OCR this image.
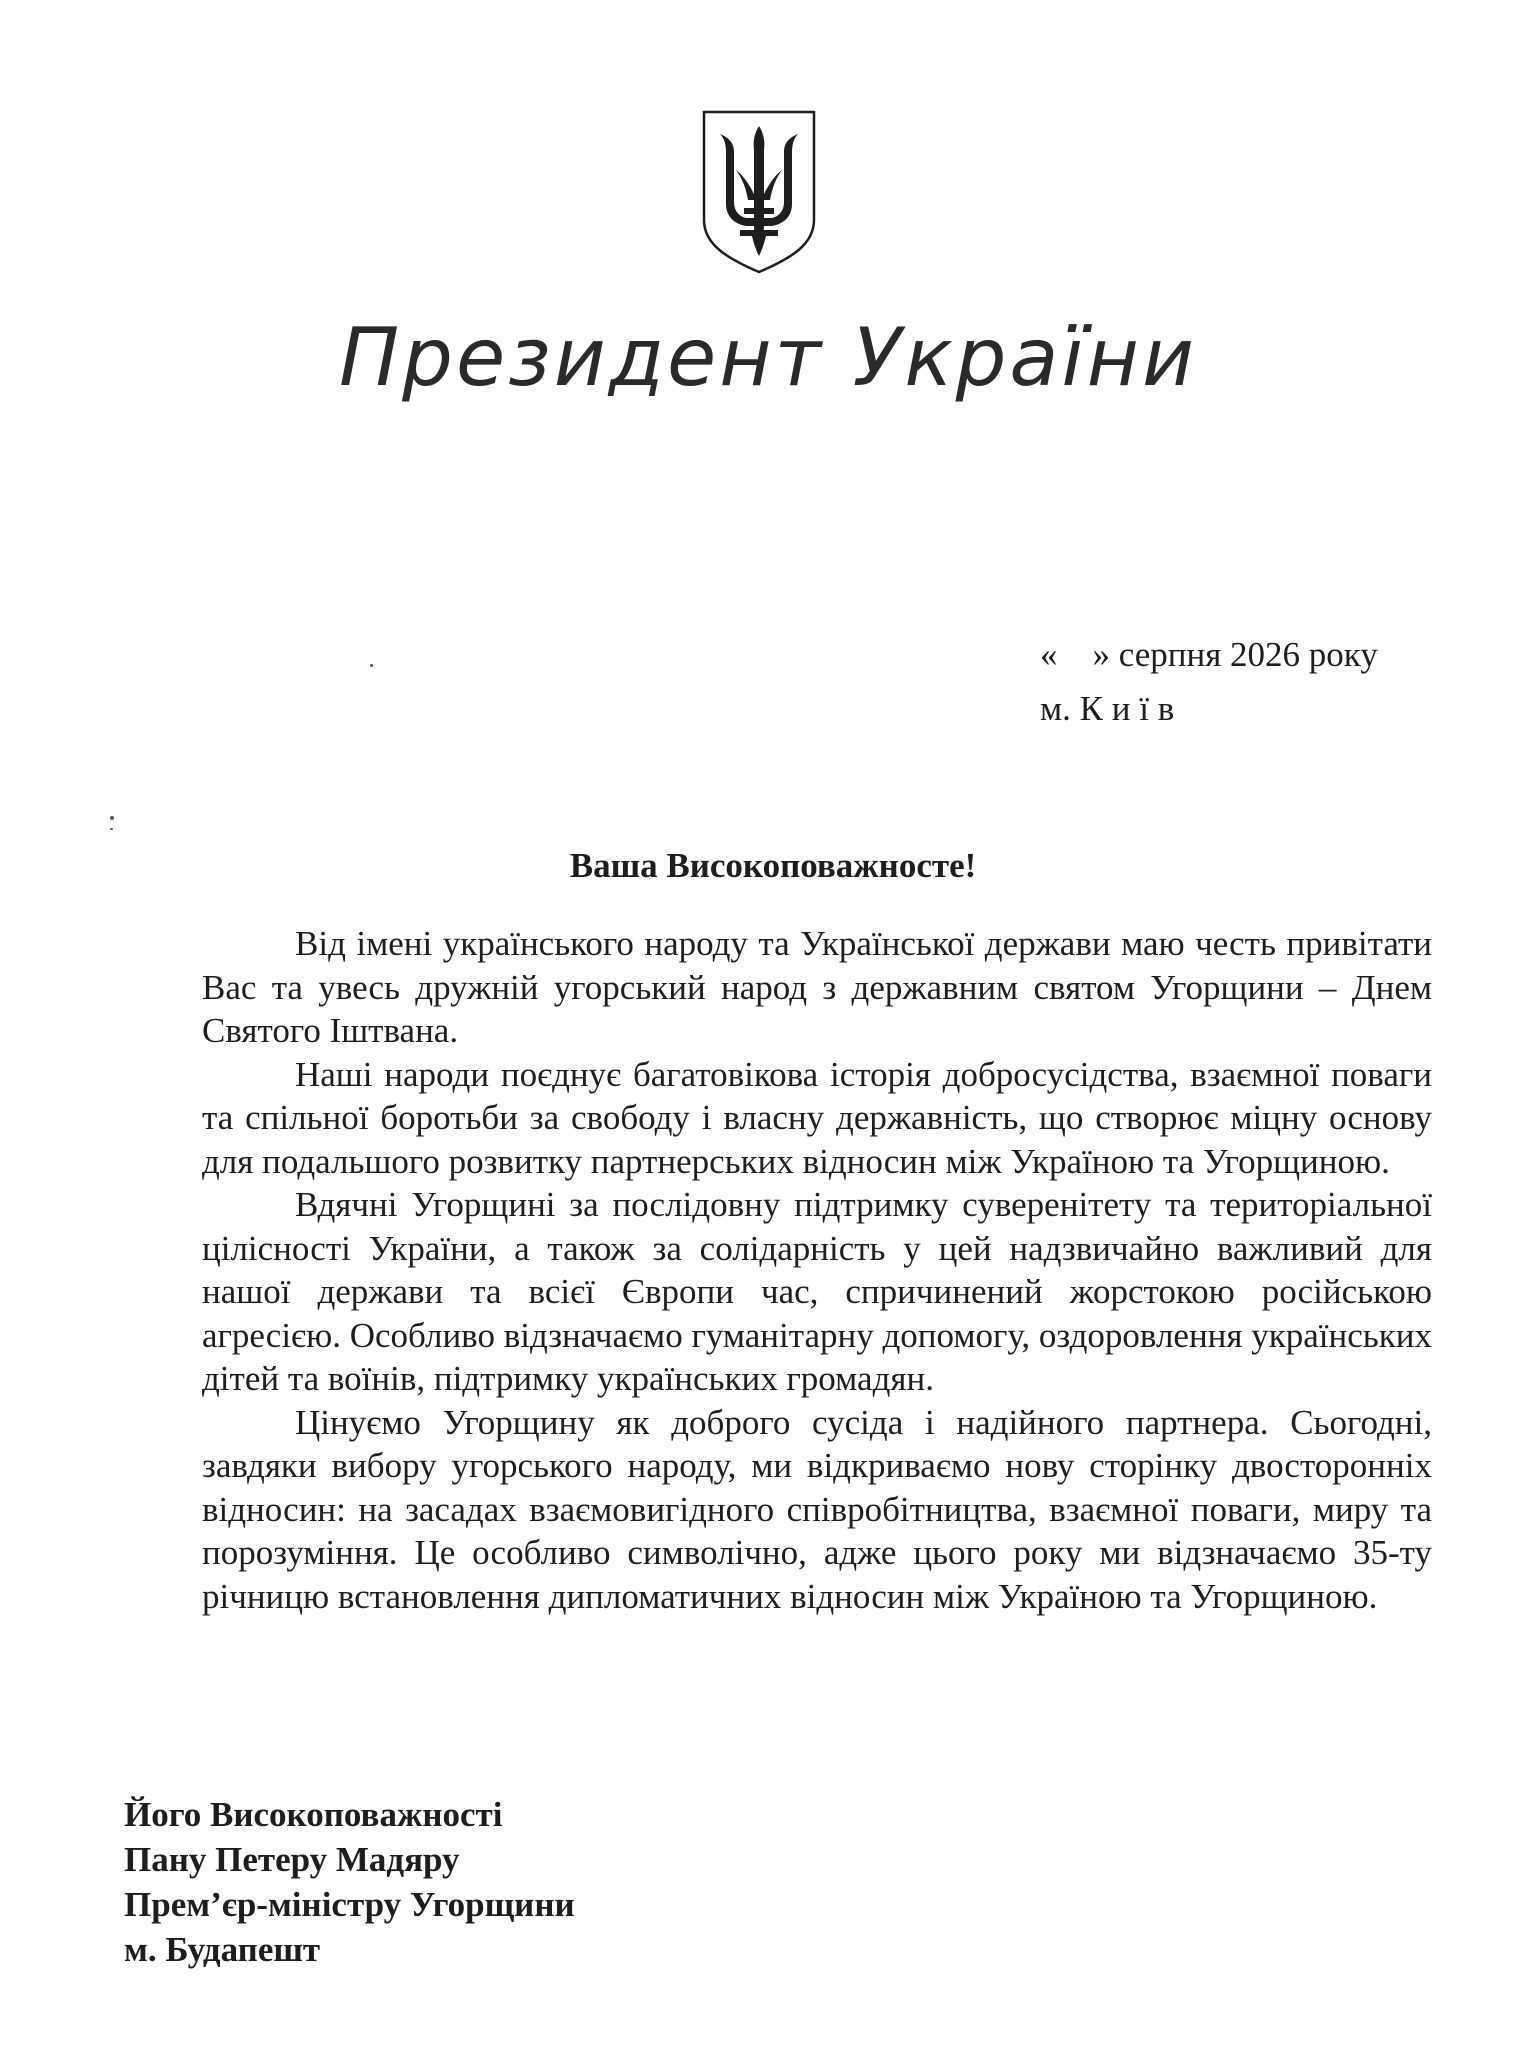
Президент України
«    » серпня 2026 року
м. К и ї в
Ваша Високоповажносте!

Від імені українського народу та Української держави маю честь привітати Вас та увесь дружній угорський народ з державним святом Угорщини – Днем Святого Іштвана.

Наші народи поєднує багатовікова історія добросусідства, взаємної поваги та спільної боротьби за свободу і власну державність, що створює міцну основу для подальшого розвитку партнерських відносин між Україною та Угорщиною.

Вдячні Угорщині за послідовну підтримку суверенітету та територіальної цілісності України, а також за солідарність у цей надзвичайно важливий для нашої держави та всієї Європи час, спричинений жорстокою російською агресією. Особливо відзначаємо гуманітарну допомогу, оздоровлення українських дітей та воїнів, підтримку українських громадян.

Цінуємо Угорщину як доброго сусіда і надійного партнера. Сьогодні, завдяки вибору угорського народу, ми відкриваємо нову сторінку двосторонніх відносин: на засадах взаємовигідного співробітництва, взаємної поваги, миру та порозуміння. Це особливо символічно, адже цього року ми відзначаємо 35-ту річницю встановлення дипломатичних відносин між Україною та Угорщиною.

Його Високоповажності
Пану Петеру Мадяру
Прем’єр-міністру Угорщини
м. Будапешт
